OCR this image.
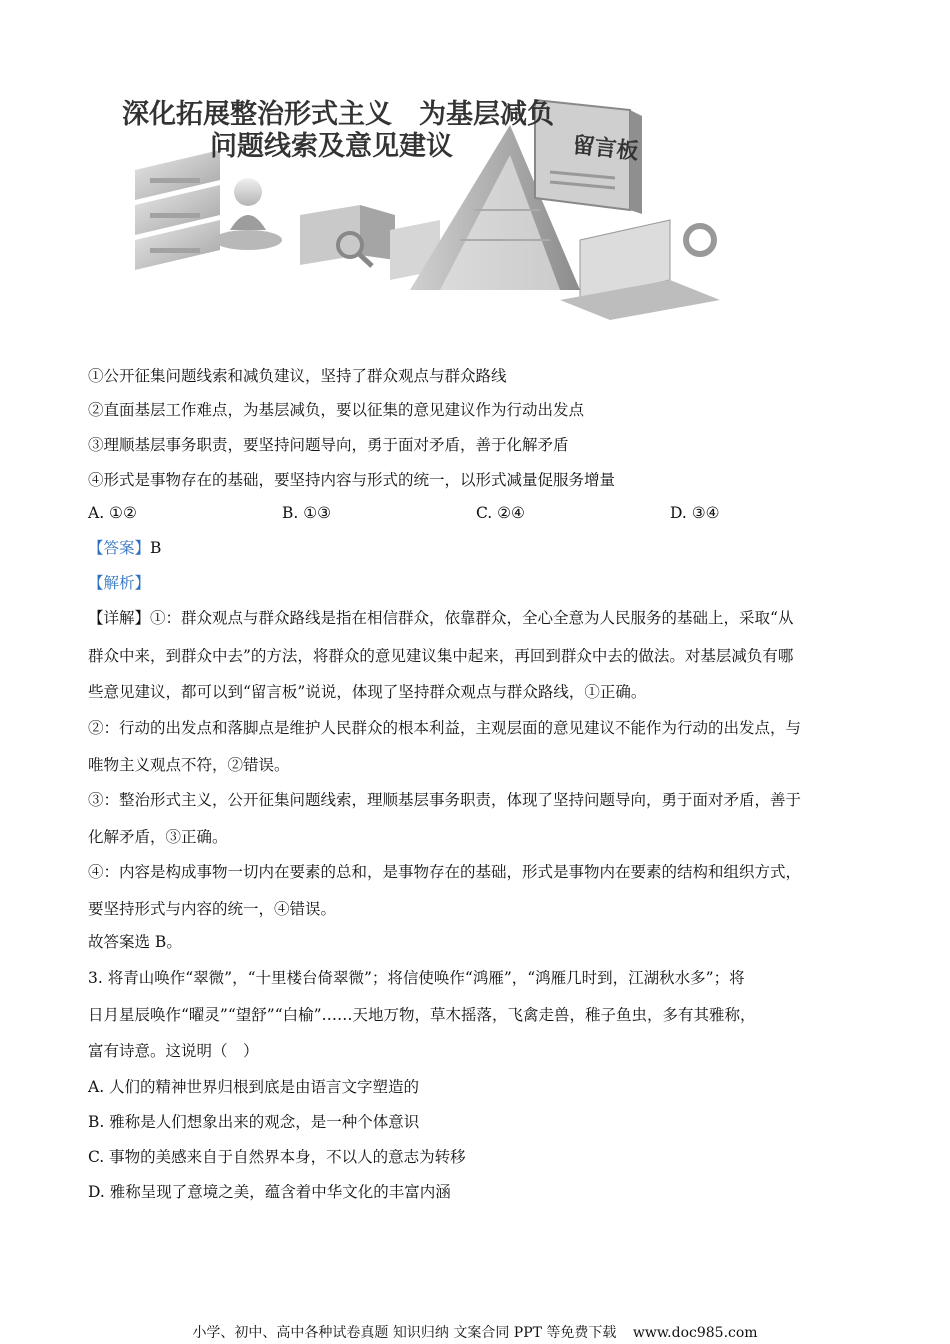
留言板
深化拓展整治形式主义　为基层减负
问题线索及意见建议
①公开征集问题线索和减负建议，坚持了群众观点与群众路线
②直面基层工作难点，为基层减负，要以征集的意见建议作为行动出发点
③理顺基层事务职责，要坚持问题导向，勇于面对矛盾，善于化解矛盾
④形式是事物存在的基础，要坚持内容与形式的统一，以形式减量促服务增量
A. ①②	B. ①③	C. ②④	D. ③④
【答案】B
【解析】
【详解】①：群众观点与群众路线是指在相信群众，依靠群众，全心全意为人民服务的基础上，采取“从
群众中来，到群众中去”的方法，将群众的意见建议集中起来，再回到群众中去的做法。对基层减负有哪
些意见建议，都可以到“留言板”说说，体现了坚持群众观点与群众路线，①正确。
②：行动的出发点和落脚点是维护人民群众的根本利益，主观层面的意见建议不能作为行动的出发点，与
唯物主义观点不符，②错误。
③：整治形式主义，公开征集问题线索，理顺基层事务职责，体现了坚持问题导向，勇于面对矛盾，善于
化解矛盾，③正确。
④：内容是构成事物一切内在要素的总和，是事物存在的基础，形式是事物内在要素的结构和组织方式，
要坚持形式与内容的统一，④错误。
故答案选 B。
3. 将青山唤作“翠微”，“十里楼台倚翠微”；将信使唤作“鸿雁”，“鸿雁几时到，江湖秋水多”；将
日月星辰唤作“曜灵”“望舒”“白榆”……天地万物，草木摇落，飞禽走兽，稚子鱼虫，多有其雅称，
富有诗意。这说明（　）
A. 人们的精神世界归根到底是由语言文字塑造的
B. 雅称是人们想象出来的观念，是一种个体意识
C. 事物的美感来自于自然界本身，不以人的意志为转移
D. 雅称呈现了意境之美，蕴含着中华文化的丰富内涵
小学、初中、高中各种试卷真题 知识归纳 文案合同 PPT 等免费下载 www.doc985.com
